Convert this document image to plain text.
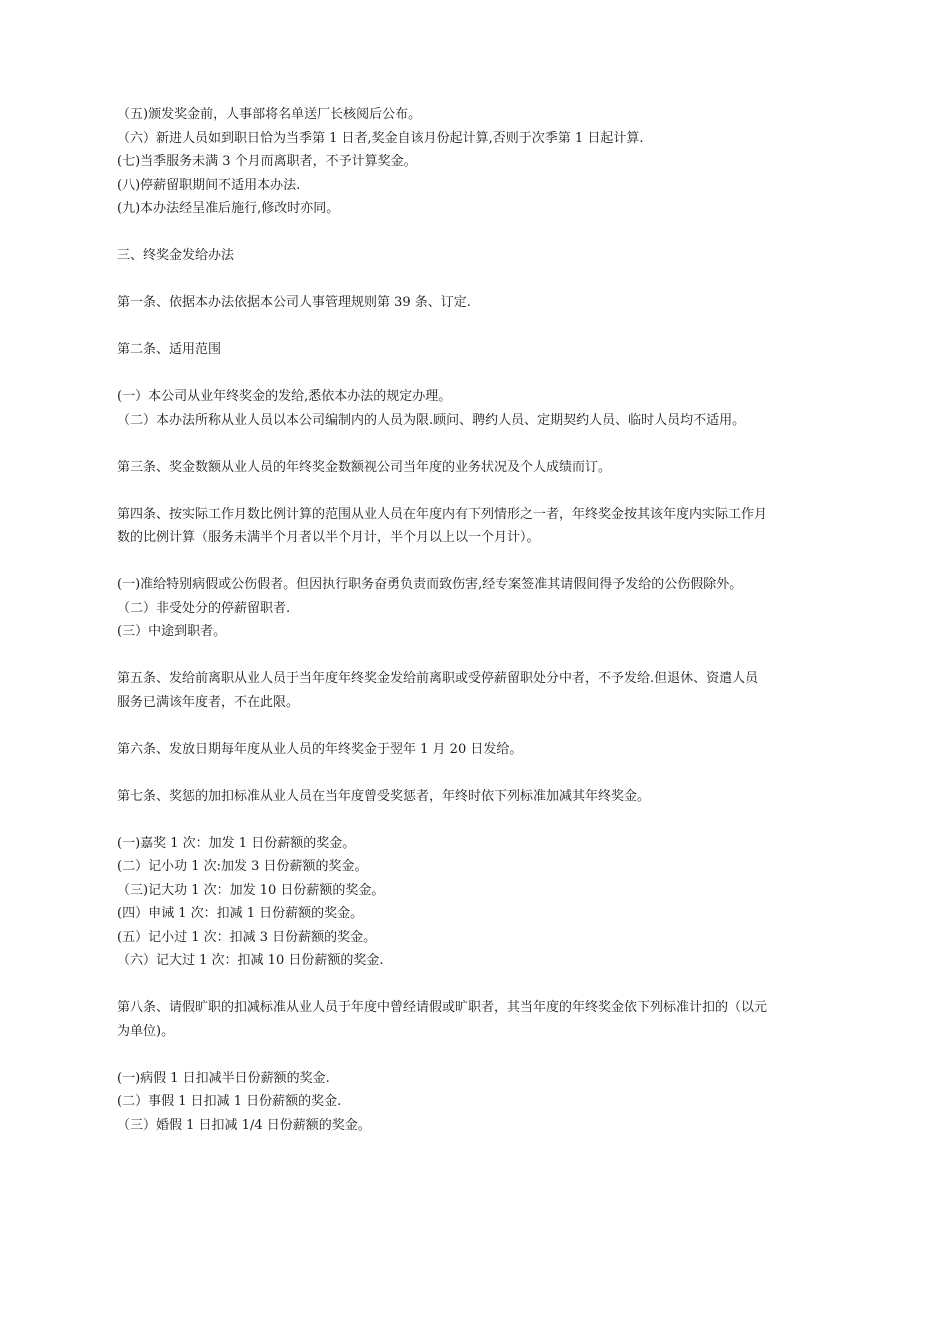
（五)颁发奖金前，人事部将名单送厂长核阅后公布。

（六）新进人员如到职日恰为当季第 1 日者,奖金自该月份起计算,否则于次季第 1 日起计算.

(七)当季服务未满 3 个月而离职者，不予计算奖金。

(八)停薪留职期间不适用本办法.

(九)本办法经呈准后施行,修改时亦同。

三、终奖金发给办法

第一条、依据本办法依据本公司人事管理规则第 39 条、订定.

第二条、适用范围

(一）本公司从业年终奖金的发给,悉依本办法的规定办理。

（二）本办法所称从业人员以本公司编制内的人员为限.顾问、聘约人员、定期契约人员、临时人员均不适用。

第三条、奖金数额从业人员的年终奖金数额视公司当年度的业务状况及个人成绩而订。

第四条、按实际工作月数比例计算的范围从业人员在年度内有下列情形之一者，年终奖金按其该年度内实际工作月

数的比例计算（服务未满半个月者以半个月计，半个月以上以一个月计）。

(一)准给特别病假或公伤假者。但因执行职务奋勇负责而致伤害,经专案签准其请假间得予发给的公伤假除外。

（二）非受处分的停薪留职者.

(三）中途到职者。

第五条、发给前离职从业人员于当年度年终奖金发给前离职或受停薪留职处分中者，不予发给.但退休、资遣人员

服务已满该年度者，不在此限。

第六条、发放日期每年度从业人员的年终奖金于翌年 1 月 20 日发给。

第七条、奖惩的加扣标准从业人员在当年度曾受奖惩者，年终时依下列标准加减其年终奖金。

(一)嘉奖 1 次：加发 1 日份薪额的奖金。

(二）记小功 1 次:加发 3 日份薪额的奖金。

（三)记大功 1 次：加发 10 日份薪额的奖金。

(四）申诫 1 次：扣减 1 日份薪额的奖金。

(五）记小过 1 次：扣减 3 日份薪额的奖金。

（六）记大过 1 次：扣减 10 日份薪额的奖金.

第八条、请假旷职的扣减标准从业人员于年度中曾经请假或旷职者，其当年度的年终奖金依下列标准计扣的（以元

为单位)。

(一)病假 1 日扣减半日份薪额的奖金.

(二）事假 1 日扣减 1 日份薪额的奖金.

（三）婚假 1 日扣减 1/4 日份薪额的奖金。
